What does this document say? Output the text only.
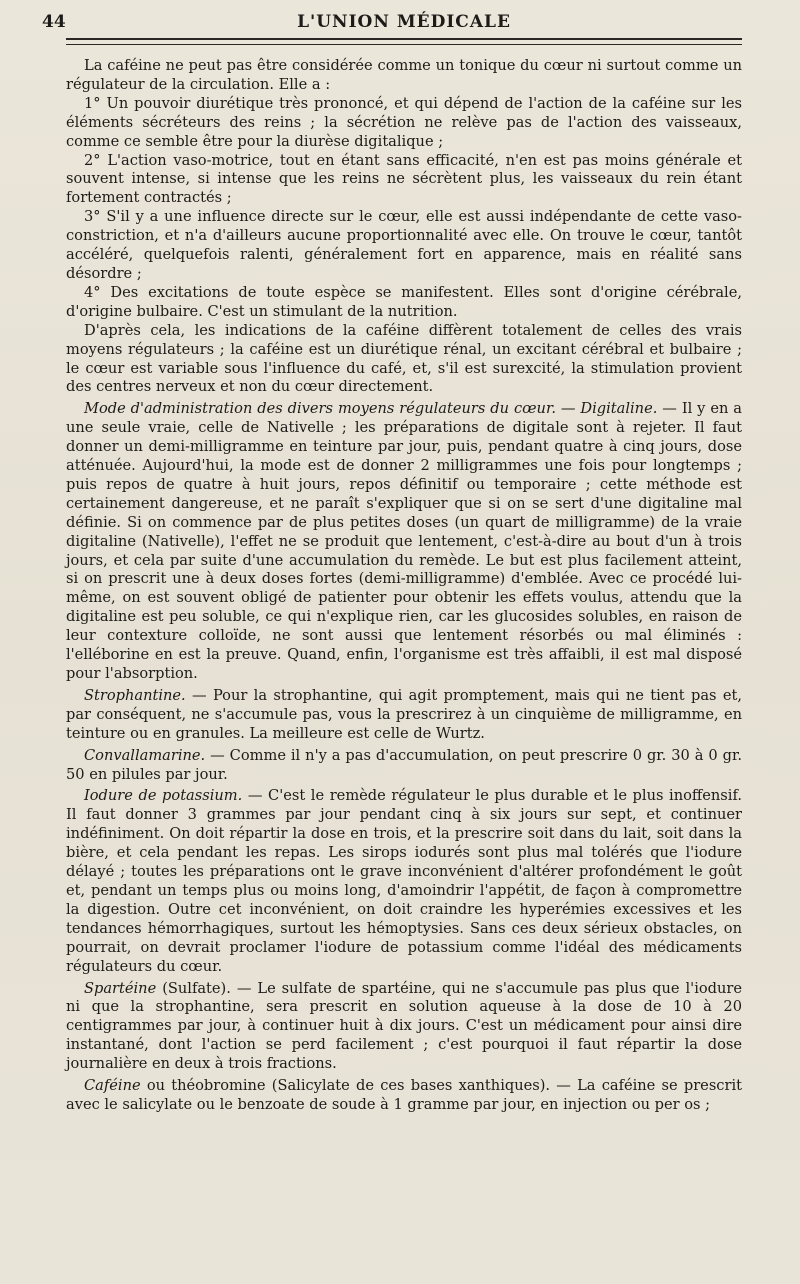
44	L'UNION MÉDICALE

La caféine ne peut pas être considérée comme un tonique du cœur ni surtout comme un régulateur de la circulation. Elle a :

1° Un pouvoir diurétique très prononcé, et qui dépend de l'action de la caféine sur les éléments sécréteurs des reins ; la sécrétion ne relève pas de l'action des vaisseaux, comme ce semble être pour la diurèse digitalique ;

2° L'action vaso-motrice, tout en étant sans efficacité, n'en est pas moins générale et souvent intense, si intense que les reins ne sécrètent plus, les vaisseaux du rein étant fortement contractés ;

3° S'il y a une influence directe sur le cœur, elle est aussi indépendante de cette vaso-constriction, et n'a d'ailleurs aucune proportionnalité avec elle. On trouve le cœur, tantôt accéléré, quelquefois ralenti, généralement fort en apparence, mais en réalité sans désordre ;

4° Des excitations de toute espèce se manifestent. Elles sont d'origine cérébrale, d'origine bulbaire. C'est un stimulant de la nutrition.

D'après cela, les indications de la caféine diffèrent totalement de celles des vrais moyens régulateurs ; la caféine est un diurétique rénal, un excitant cérébral et bulbaire ; le cœur est variable sous l'influence du café, et, s'il est surexcité, la stimulation provient des centres nerveux et non du cœur directement.

Mode d'administration des divers moyens régulateurs du cœur. — Digitaline. — Il y en a une seule vraie, celle de Nativelle ; les préparations de digitale sont à rejeter. Il faut donner un demi-milligramme en teinture par jour, puis, pendant quatre à cinq jours, dose atténuée. Aujourd'hui, la mode est de donner 2 milligrammes une fois pour longtemps ; puis repos de quatre à huit jours, repos définitif ou temporaire ; cette méthode est certainement dangereuse, et ne paraît s'expliquer que si on se sert d'une digitaline mal définie. Si on commence par de plus petites doses (un quart de milligramme) de la vraie digitaline (Nativelle), l'effet ne se produit que lentement, c'est-à-dire au bout d'un à trois jours, et cela par suite d'une accumulation du remède. Le but est plus facilement atteint, si on prescrit une à deux doses fortes (demi-milligramme) d'emblée. Avec ce procédé lui-même, on est souvent obligé de patienter pour obtenir les effets voulus, attendu que la digitaline est peu soluble, ce qui n'explique rien, car les glucosides solubles, en raison de leur contexture colloïde, ne sont aussi que lentement résorbés ou mal éliminés : l'elléborine en est la preuve. Quand, enfin, l'organisme est très affaibli, il est mal disposé pour l'absorption.

Strophantine. — Pour la strophantine, qui agit promptement, mais qui ne tient pas et, par conséquent, ne s'accumule pas, vous la prescrirez à un cinquième de milligramme, en teinture ou en granules. La meilleure est celle de Wurtz.

Convallamarine. — Comme il n'y a pas d'accumulation, on peut prescrire 0 gr. 30 à 0 gr. 50 en pilules par jour.

Iodure de potassium. — C'est le remède régulateur le plus durable et le plus inoffensif. Il faut donner 3 grammes par jour pendant cinq à six jours sur sept, et continuer indéfiniment. On doit répartir la dose en trois, et la prescrire soit dans du lait, soit dans la bière, et cela pendant les repas. Les sirops iodurés sont plus mal tolérés que l'iodure délayé ; toutes les préparations ont le grave inconvénient d'altérer profondément le goût et, pendant un temps plus ou moins long, d'amoindrir l'appétit, de façon à compromettre la digestion. Outre cet inconvénient, on doit craindre les hyperémies excessives et les tendances hémorrhagiques, surtout les hémoptysies. Sans ces deux sérieux obstacles, on pourrait, on devrait proclamer l'iodure de potassium comme l'idéal des médicaments régulateurs du cœur.

Spartéine (Sulfate). — Le sulfate de spartéine, qui ne s'accumule pas plus que l'iodure ni que la strophantine, sera prescrit en solution aqueuse à la dose de 10 à 20 centigrammes par jour, à continuer huit à dix jours. C'est un médicament pour ainsi dire instantané, dont l'action se perd facilement ; c'est pourquoi il faut répartir la dose journalière en deux à trois fractions.

Caféine ou théobromine (Salicylate de ces bases xanthiques). — La caféine se prescrit avec le salicylate ou le benzoate de soude à 1 gramme par jour, en injection ou per os ;
